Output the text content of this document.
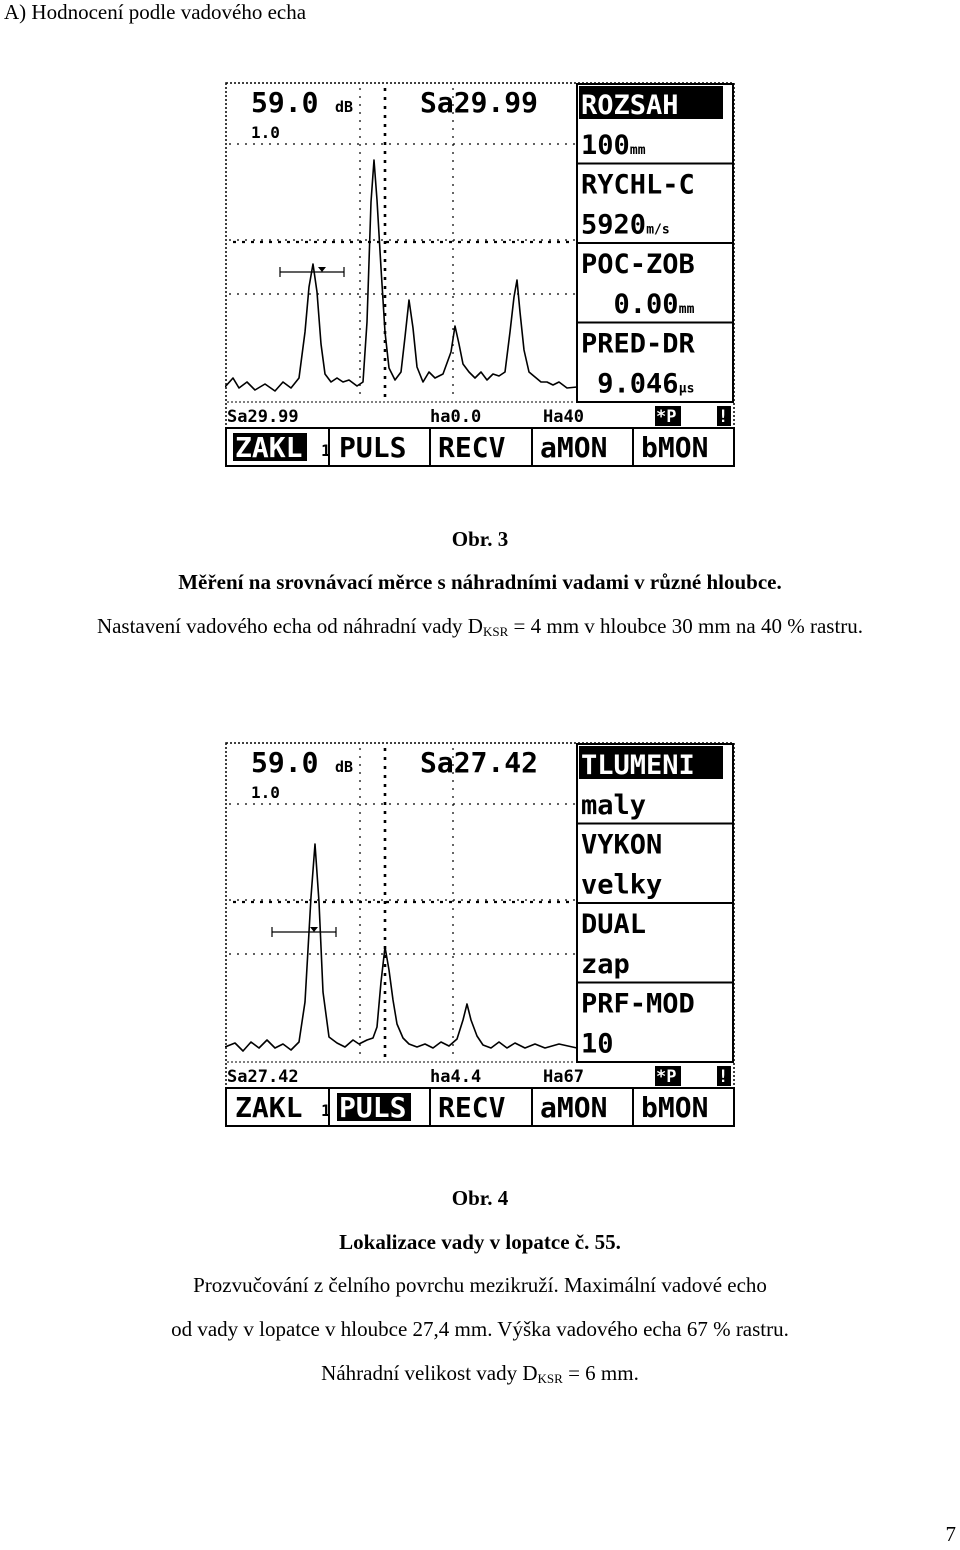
A) Hodnocení podle vadového echa
59.0 dB
1.0
Sa29.99 ROZSAH
100 mm
RYCHL-C
5920 m/s
POC-ZOB
0.00 mm
PRED-DR
9.046 µs
Sa29.99	ha0.0	Ha40	*P !
ZAKL PULS RECV aMON bMON
1
Obr. 3
Měření na srovnávací měrce s náhradními vadami v různé hloubce.
Nastavení vadového echa od náhradní vady $D_{KSR} = 4$ mm v hloubce 30 mm na 40 % rastru.
59.0 dB
1.0
Sa27.42 TLUMENI
maly
VYKON
velky
DUAL
zap
PRF-MOD
10
Sa27.42	ha4.4	Ha67	*P !
ZAKL PULS RECV aMON bMON
1
Obr. 4
Lokalizace vady v lopatce č. 55.
Prozvučování z čelního povrchu mezikruží. Maximální vadové echo
od vady v lopatce v hloubce 27,4 mm. Výška vadového echa 67 % rastru.
Náhradní velikost vady $D_{KSR} = 6$ mm.
7
